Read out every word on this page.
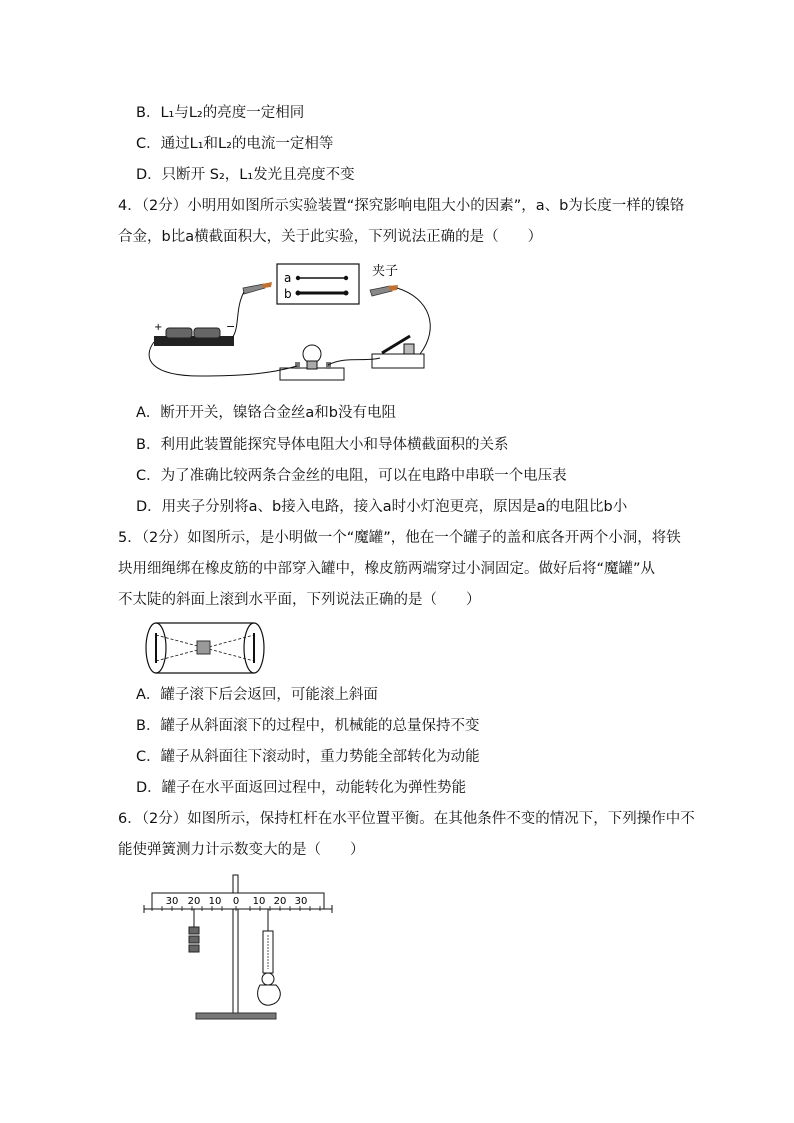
B．L₁与L₂的亮度一定相同
C．通过L₁和L₂的电流一定相等
D．只断开 S₂，L₁发光且亮度不变
4．（2分）小明用如图所示实验装置“探究影响电阻大小的因素”，a、b为长度一样的镍铬
合金，b比a横截面积大，关于此实验，下列说法正确的是（　　）
a
b
夹子
+	−
A．断开开关，镍铬合金丝a和b没有电阻
B．利用此装置能探究导体电阻大小和导体横截面积的关系
C．为了准确比较两条合金丝的电阻，可以在电路中串联一个电压表
D．用夹子分别将a、b接入电路，接入a时小灯泡更亮，原因是a的电阻比b小
5．（2分）如图所示，是小明做一个“魔罐”，他在一个罐子的盖和底各开两个小洞，将铁
块用细绳绑在橡皮筋的中部穿入罐中，橡皮筋两端穿过小洞固定。做好后将“魔罐”从
不太陡的斜面上滚到水平面，下列说法正确的是（　　）
A．罐子滚下后会返回，可能滚上斜面
B．罐子从斜面滚下的过程中，机械能的总量保持不变
C．罐子从斜面往下滚动时，重力势能全部转化为动能
D．罐子在水平面返回过程中，动能转化为弹性势能
6．（2分）如图所示，保持杠杆在水平位置平衡。在其他条件不变的情况下，下列操作中不
能使弹簧测力计示数变大的是（　　）
30 20 10 0 10 20 30
